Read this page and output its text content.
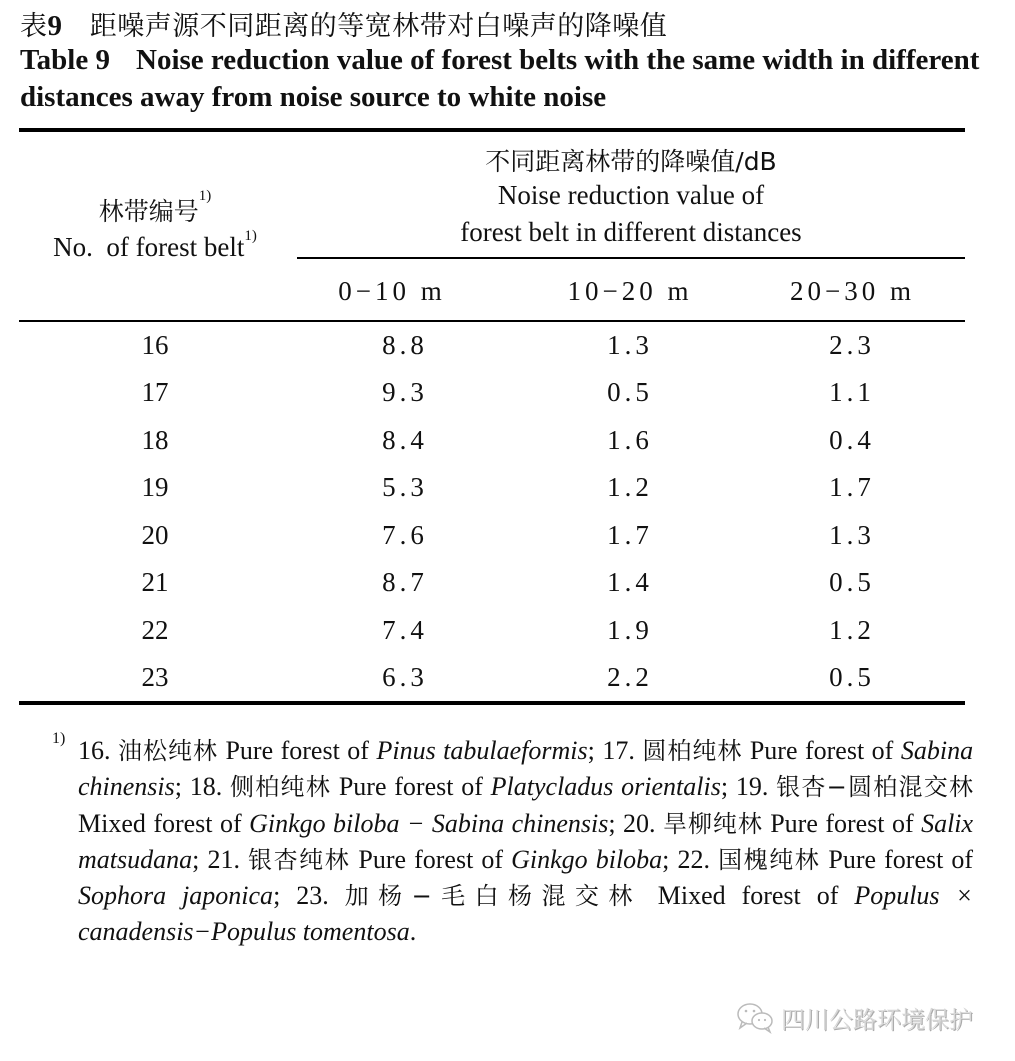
表9 距噪声源不同距离的等宽林带对白噪声的降噪值
Table 9 Noise reduction value of forest belts with the same width in different distances away from noise source to white noise
林带编号$^{1)}$
No.  of forest belt$^{1)}$
不同距离林带的降噪值/dB
Noise reduction value of
forest belt in different distances
0−10 m	10−20 m	20−30 m
16	8.8	1.3	2.3
17	9.3	0.5	1.1
18	8.4	1.6	0.4
19	5.3	1.2	1.7
20	7.6	1.7	1.3
21	8.7	1.4	0.5
22	7.4	1.9	1.2
23	6.3	2.2	0.5
1) 16. 油松纯林 Pure forest of Pinus tabulaeformis; 17. 圆柏纯林 Pure forest of Sabina chinensis; 18. 侧柏纯林 Pure forest of Platycladus orientalis; 19. 银杏−圆柏混交林 Mixed forest of Ginkgo biloba − Sabina chinensis; 20. 旱柳纯林 Pure forest of Salix matsudana; 21. 银杏纯林 Pure forest of Ginkgo biloba; 22. 国槐纯林 Pure forest of Sophora japonica; 23. 加杨−毛白杨混交林 Mixed forest of Populus × canadensis−Populus tomentosa.
四川公路环境保护
